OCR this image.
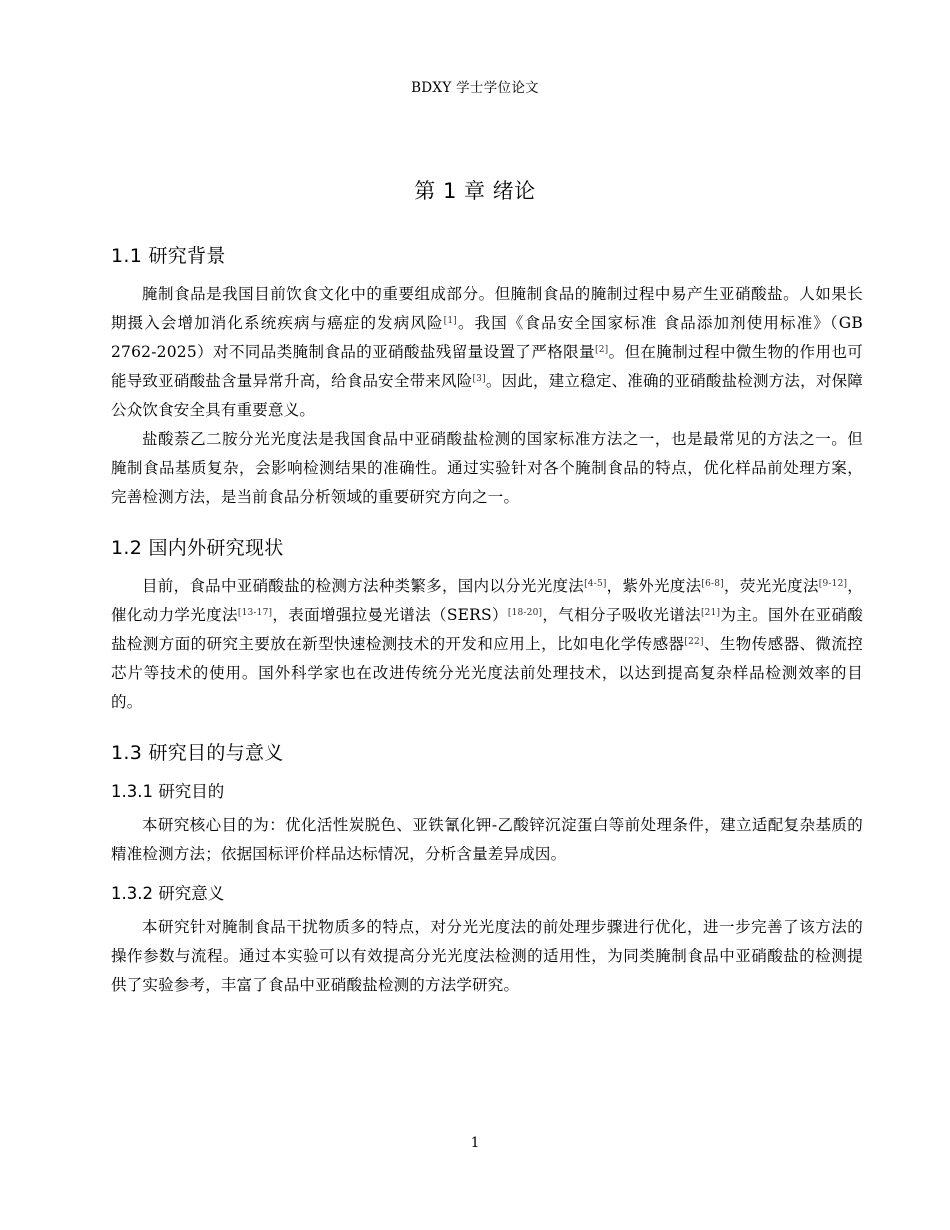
BDXY 学士学位论文
第 1 章 绪论
1.1 研究背景

腌制食品是我国目前饮食文化中的重要组成部分。但腌制食品的腌制过程中易产生亚硝酸盐。人如果长期摄入会增加消化系统疾病与癌症的发病风险[1]。我国《食品安全国家标准 食品添加剂使用标准》（GB 2762-2025）对不同品类腌制食品的亚硝酸盐残留量设置了严格限量[2]。但在腌制过程中微生物的作用也可能导致亚硝酸盐含量异常升高，给食品安全带来风险[3]。因此，建立稳定、准确的亚硝酸盐检测方法，对保障公众饮食安全具有重要意义。

盐酸萘乙二胺分光光度法是我国食品中亚硝酸盐检测的国家标准方法之一，也是最常见的方法之一。但腌制食品基质复杂，会影响检测结果的准确性。通过实验针对各个腌制食品的特点，优化样品前处理方案，完善检测方法，是当前食品分析领域的重要研究方向之一。

1.2 国内外研究现状

目前，食品中亚硝酸盐的检测方法种类繁多，国内以分光光度法[4-5]，紫外光度法[6-8]，荧光光度法[9-12]，催化动力学光度法[13-17]，表面增强拉曼光谱法（SERS）[18-20]，气相分子吸收光谱法[21]为主。国外在亚硝酸盐检测方面的研究主要放在新型快速检测技术的开发和应用上，比如电化学传感器[22]、生物传感器、微流控芯片等技术的使用。国外科学家也在改进传统分光光度法前处理技术，以达到提高复杂样品检测效率的目的。

1.3 研究目的与意义
1.3.1 研究目的

本研究核心目的为：优化活性炭脱色、亚铁氰化钾-乙酸锌沉淀蛋白等前处理条件，建立适配复杂基质的精准检测方法；依据国标评价样品达标情况，分析含量差异成因。

1.3.2 研究意义

本研究针对腌制食品干扰物质多的特点，对分光光度法的前处理步骤进行优化，进一步完善了该方法的操作参数与流程。通过本实验可以有效提高分光光度法检测的适用性，为同类腌制食品中亚硝酸盐的检测提供了实验参考，丰富了食品中亚硝酸盐检测的方法学研究。

1
